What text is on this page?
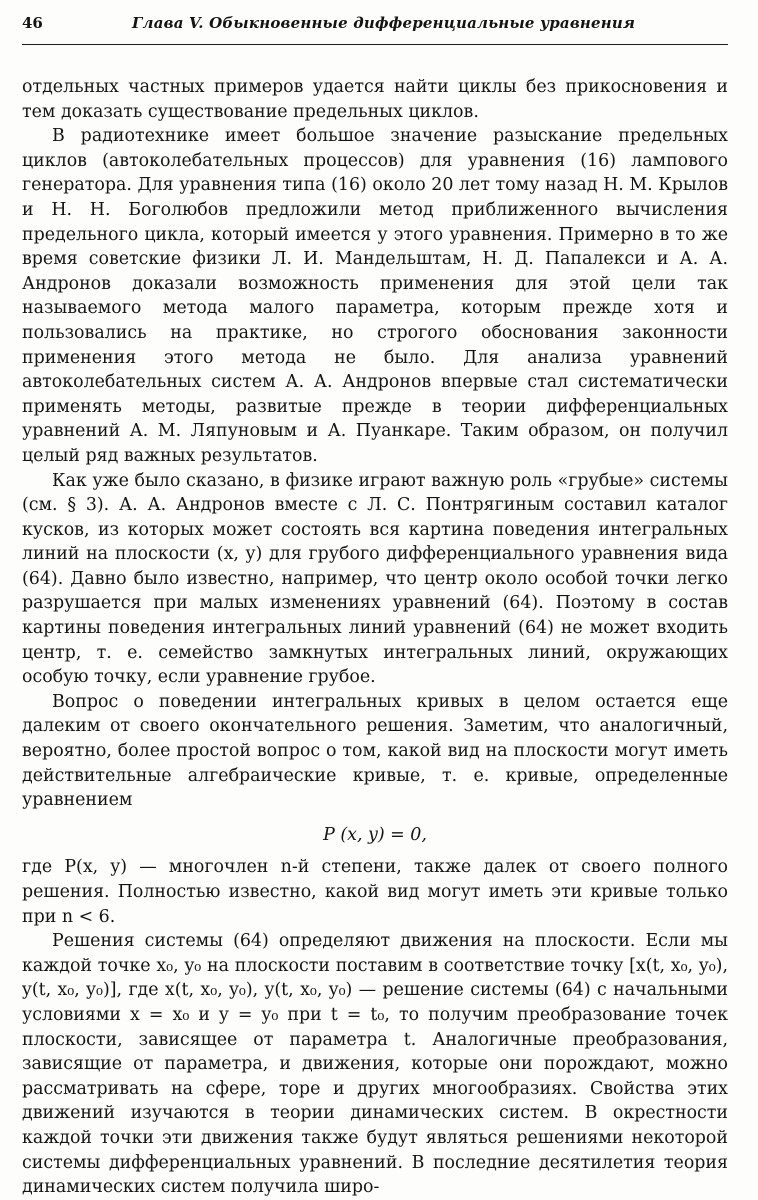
46	Глава V. Обыкновенные дифференциальные уравнения

отдельных частных примеров удается найти циклы без прикосновения и тем доказать существование предельных циклов.

В радиотехнике имеет большое значение разыскание предельных циклов (автоколебательных процессов) для уравнения (16) лампового генератора. Для уравнения типа (16) около 20 лет тому назад Н. М. Крылов и Н. Н. Боголюбов предложили метод приближенного вычисления предельного цикла, который имеется у этого уравнения. Примерно в то же время советские физики Л. И. Мандельштам, Н. Д. Папалекси и А. А. Андронов доказали возможность применения для этой цели так называемого метода малого параметра, которым прежде хотя и пользовались на практике, но строгого обоснования законности применения этого метода не было. Для анализа уравнений автоколебательных систем А. А. Андронов впервые стал систематически применять методы, развитые прежде в теории дифференциальных уравнений А. М. Ляпуновым и А. Пуанкаре. Таким образом, он получил целый ряд важных результатов.

Как уже было сказано, в физике играют важную роль «грубые» системы (см. § 3). А. А. Андронов вместе с Л. С. Понтрягиным составил каталог кусков, из которых может состоять вся картина поведения интегральных линий на плоскости (x, y) для грубого дифференциального уравнения вида (64). Давно было известно, например, что центр около особой точки легко разрушается при малых изменениях уравнений (64). Поэтому в состав картины поведения интегральных линий уравнений (64) не может входить центр, т. е. семейство замкнутых интегральных линий, окружающих особую точку, если уравнение грубое.

Вопрос о поведении интегральных кривых в целом остается еще далеким от своего окончательного решения. Заметим, что аналогичный, вероятно, более простой вопрос о том, какой вид на плоскости могут иметь действительные алгебраические кривые, т. е. кривые, определенные уравнением

P (x, y) = 0,

где P(x, y) — многочлен n-й степени, также далек от своего полного решения. Полностью известно, какой вид могут иметь эти кривые только при n < 6.

Решения системы (64) определяют движения на плоскости. Если мы каждой точке x₀, y₀ на плоскости поставим в соответствие точку [x(t, x₀, y₀), y(t, x₀, y₀)], где x(t, x₀, y₀), y(t, x₀, y₀) — решение системы (64) с начальными условиями x = x₀ и y = y₀ при t = t₀, то получим преобразование точек плоскости, зависящее от параметра t. Аналогичные преобразования, зависящие от параметра, и движения, которые они порождают, можно рассматривать на сфере, торе и других многообразиях. Свойства этих движений изучаются в теории динамических систем. В окрестности каждой точки эти движения также будут являться решениями некоторой системы дифференциальных уравнений. В последние десятилетия теория динамических систем получила широ-
